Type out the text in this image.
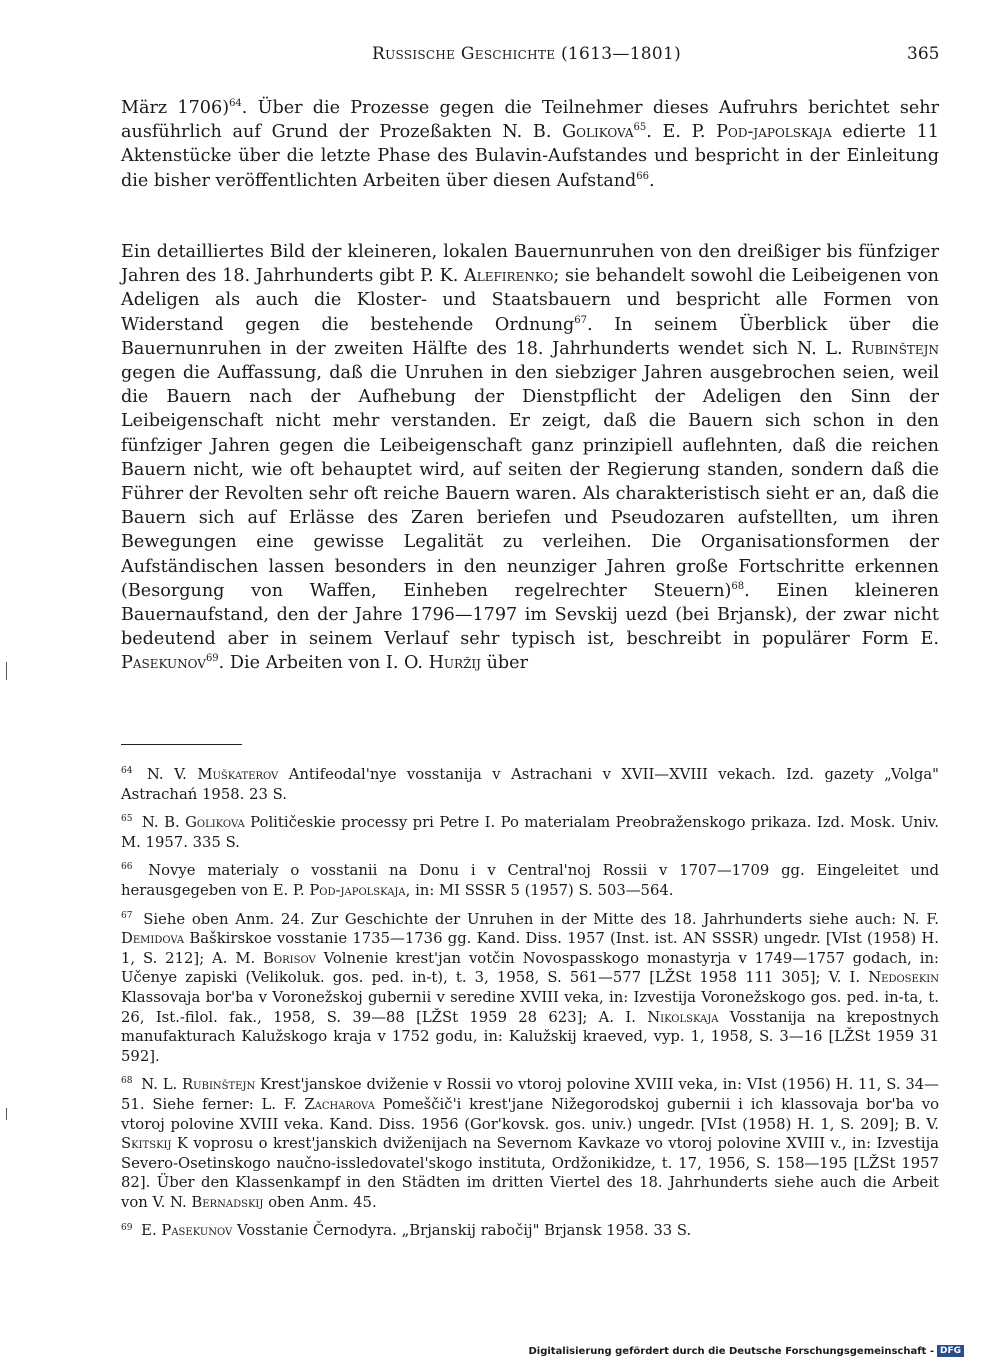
Russische Geschichte (1613—1801)	365

März 1706)$^{64}$. Über die Prozesse gegen die Teilnehmer dieses Aufruhrs berichtet sehr ausführlich auf Grund der Prozeßakten N. B. Golikova$^{65}$. E. P. Pod-japolskaja edierte 11 Aktenstücke über die letzte Phase des Bulavin-Aufstandes und bespricht in der Einleitung die bisher veröffentlichten Arbeiten über diesen Aufstand$^{66}$.

Ein detailliertes Bild der kleineren, lokalen Bauernunruhen von den dreißiger bis fünfziger Jahren des 18. Jahrhunderts gibt P. K. Alefirenko; sie behandelt sowohl die Leibeigenen von Adeligen als auch die Kloster- und Staatsbauern und bespricht alle Formen von Widerstand gegen die bestehende Ordnung$^{67}$. In seinem Überblick über die Bauernunruhen in der zweiten Hälfte des 18. Jahrhunderts wendet sich N. L. Rubinštejn gegen die Auffassung, daß die Unruhen in den siebziger Jahren ausgebrochen seien, weil die Bauern nach der Aufhebung der Dienstpflicht der Adeligen den Sinn der Leibeigenschaft nicht mehr verstanden. Er zeigt, daß die Bauern sich schon in den fünfziger Jahren gegen die Leibeigenschaft ganz prinzipiell auflehnten, daß die reichen Bauern nicht, wie oft behauptet wird, auf seiten der Regierung standen, sondern daß die Führer der Revolten sehr oft reiche Bauern waren. Als charakteristisch sieht er an, daß die Bauern sich auf Erlässe des Zaren beriefen und Pseudozaren aufstellten, um ihren Bewegungen eine gewisse Legalität zu verleihen. Die Organisationsformen der Aufständischen lassen besonders in den neunziger Jahren große Fortschritte erkennen (Besorgung von Waffen, Einheben regelrechter Steuern)$^{68}$. Einen kleineren Bauernaufstand, den der Jahre 1796—1797 im Sevskij uezd (bei Brjansk), der zwar nicht bedeutend aber in seinem Verlauf sehr typisch ist, beschreibt in populärer Form E. Pasekunov$^{69}$. Die Arbeiten von I. O. Huržij über

$^{64}$ N. V. Muškaterov Antifeodal'nye vosstanija v Astrachani v XVII—XVIII vekach. Izd. gazety „Volga" Astrachań 1958. 23 S.

$^{65}$ N. B. Golikova Političeskie processy pri Petre I. Po materialam Preobraženskogo prikaza. Izd. Mosk. Univ. M. 1957. 335 S.

$^{66}$ Novye materialy o vosstanii na Donu i v Central'noj Rossii v 1707—1709 gg. Eingeleitet und herausgegeben von E. P. Pod-japolskaja, in: MI SSSR 5 (1957) S. 503—564.

$^{67}$ Siehe oben Anm. 24. Zur Geschichte der Unruhen in der Mitte des 18. Jahrhunderts siehe auch: N. F. Demidova Baškirskoe vosstanie 1735—1736 gg. Kand. Diss. 1957 (Inst. ist. AN SSSR) ungedr. [VIst (1958) H. 1, S. 212]; A. M. Borisov Volnenie krest'jan votčin Novospasskogo monastyrja v 1749—1757 godach, in: Učenye zapiski (Velikoluk. gos. ped. in-t), t. 3, 1958, S. 561—577 [LŽSt 1958 111 305]; V. I. Nedosekin Klassovaja bor'ba v Voronežskoj gubernii v seredine XVIII veka, in: Izvestija Voronežskogo gos. ped. in-ta, t. 26, Ist.-filol. fak., 1958, S. 39—88 [LŽSt 1959 28 623]; A. I. Nikolskaja Vosstanija na krepostnych manufakturach Kalužskogo kraja v 1752 godu, in: Kalužskij kraeved, vyp. 1, 1958, S. 3—16 [LŽSt 1959 31 592].

$^{68}$ N. L. Rubinštejn Krest'janskoe dviženie v Rossii vo vtoroj polovine XVIII veka, in: VIst (1956) H. 11, S. 34—51. Siehe ferner: L. F. Zacharova Pomeščič'i krest'jane Nižegorodskoj gubernii i ich klassovaja bor'ba vo vtoroj polovine XVIII veka. Kand. Diss. 1956 (Gor'kovsk. gos. univ.) ungedr. [VIst (1958) H. 1, S. 209]; B. V. Skitskij K voprosu o krest'janskich dviženijach na Severnom Kavkaze vo vtoroj polovine XVIII v., in: Izvestija Severo-Osetinskogo naučno-issledovatel'skogo instituta, Ordžonikidze, t. 17, 1956, S. 158—195 [LŽSt 1957 82]. Über den Klassenkampf in den Städten im dritten Viertel des 18. Jahrhunderts siehe auch die Arbeit von V. N. Bernadskij oben Anm. 45.

$^{69}$ E. Pasekunov Vosstanie Černodyra. „Brjanskij rabočij" Brjansk 1958. 33 S.

Digitalisierung gefördert durch die Deutsche Forschungsgemeinschaft - DFG
